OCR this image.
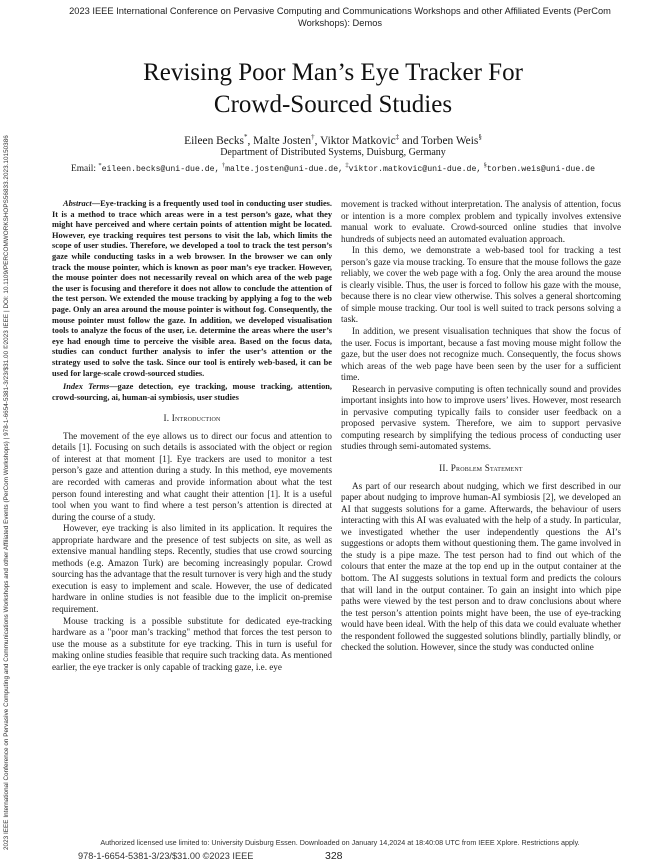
2023 IEEE International Conference on Pervasive Computing and Communications Workshops and other Affiliated Events (PerCom Workshops): Demos
2023 IEEE International Conference on Pervasive Computing and Communications Workshops and other Affiliated Events (PerCom Workshops) | 978-1-6654-5381-3/23/$31.00 ©2023 IEEE | DOI: 10.1109/PERCOMWORKSHOPS56833.2023.10150386
Revising Poor Man’s Eye Tracker For
Crowd-Sourced Studies
Eileen Becks*, Malte Josten†, Viktor Matkovic‡ and Torben Weis§
Department of Distributed Systems, Duisburg, Germany
Email: *eileen.becks@uni-due.de, †malte.josten@uni-due.de, ‡viktor.matkovic@uni-due.de, §torben.weis@uni-due.de

Abstract—Eye-tracking is a frequently used tool in conducting user studies. It is a method to trace which areas were in a test person’s gaze, what they might have perceived and where certain points of attention might be located. However, eye tracking requires test persons to visit the lab, which limits the scope of user studies. Therefore, we developed a tool to track the test person’s gaze while conducting tasks in a web browser. In the browser we can only track the mouse pointer, which is known as poor man’s eye tracker. However, the mouse pointer does not necessarily reveal on which area of the web page the user is focusing and therefore it does not allow to conclude the attention of the test person. We extended the mouse tracking by applying a fog to the web page. Only an area around the mouse pointer is without fog. Consequently, the mouse pointer must follow the gaze. In addition, we developed visualisation tools to analyze the focus of the user, i.e. determine the areas where the user’s eye had enough time to perceive the visible area. Based on the focus data, studies can conduct further analysis to infer the user’s attention or the strategy used to solve the task. Since our tool is entirely web-based, it can be used for large-scale crowd-sourced studies.

Index Terms—gaze detection, eye tracking, mouse tracking, attention, crowd-sourcing, ai, human-ai symbiosis, user studies

I. Introduction

The movement of the eye allows us to direct our focus and attention to details [1]. Focusing on such details is associated with the object or region of interest at that moment [1]. Eye trackers are used to monitor a test person’s gaze and attention during a study. In this method, eye movements are recorded with cameras and provide information about what the test person found interesting and what caught their attention [1]. It is a useful tool when you want to find where a test person’s attention is directed at during the course of a study.

However, eye tracking is also limited in its application. It requires the appropriate hardware and the presence of test subjects on site, as well as extensive manual handling steps. Recently, studies that use crowd sourcing methods (e.g. Amazon Turk) are becoming increasingly popular. Crowd sourcing has the advantage that the result turnover is very high and the study execution is easy to implement and scale. However, the use of dedicated hardware in online studies is not feasible due to the implicit on-premise requirement.

Mouse tracking is a possible substitute for dedicated eye-tracking hardware as a "poor man’s tracking" method that forces the test person to use the mouse as a substitute for eye tracking. This in turn is useful for making online studies feasible that require such tracking data. As mentioned earlier, the eye tracker is only capable of tracking gaze, i.e. eye

movement is tracked without interpretation. The analysis of attention, focus or intention is a more complex problem and typically involves extensive manual work to evaluate. Crowd-sourced online studies that involve hundreds of subjects need an automated evaluation approach.

In this demo, we demonstrate a web-based tool for tracking a test person’s gaze via mouse tracking. To ensure that the mouse follows the gaze reliably, we cover the web page with a fog. Only the area around the mouse is clearly visible. Thus, the user is forced to follow his gaze with the mouse, because there is no clear view otherwise. This solves a general shortcoming of simple mouse tracking. Our tool is well suited to track persons solving a task.

In addition, we present visualisation techniques that show the focus of the user. Focus is important, because a fast moving mouse might follow the gaze, but the user does not recognize much. Consequently, the focus shows which areas of the web page have been seen by the user for a sufficient time.

Research in pervasive computing is often technically sound and provides important insights into how to improve users’ lives. However, most research in pervasive computing typically fails to consider user feedback on a proposed pervasive system. Therefore, we aim to support pervasive computing research by simplifying the tedious process of conducting user studies through semi-automated systems.

II. Problem Statement

As part of our research about nudging, which we first described in our paper about nudging to improve human-AI symbiosis [2], we developed an AI that suggests solutions for a game. Afterwards, the behaviour of users interacting with this AI was evaluated with the help of a study. In particular, we investigated whether the user independently questions the AI’s suggestions or adopts them without questioning them. The game involved in the study is a pipe maze. The test person had to find out which of the colours that enter the maze at the top end up in the output container at the bottom. The AI suggests solutions in textual form and predicts the colours that will land in the output container. To gain an insight into which pipe paths were viewed by the test person and to draw conclusions about where the test person’s attention points might have been, the use of eye-tracking would have been ideal. With the help of this data we could evaluate whether the respondent followed the suggested solutions blindly, partially blindly, or checked the solution. However, since the study was conducted online

Authorized licensed use limited to: University Duisburg Essen. Downloaded on January 14,2024 at 18:40:08 UTC from IEEE Xplore. Restrictions apply.
978-1-6654-5381-3/23/$31.00 ©2023 IEEE	328
